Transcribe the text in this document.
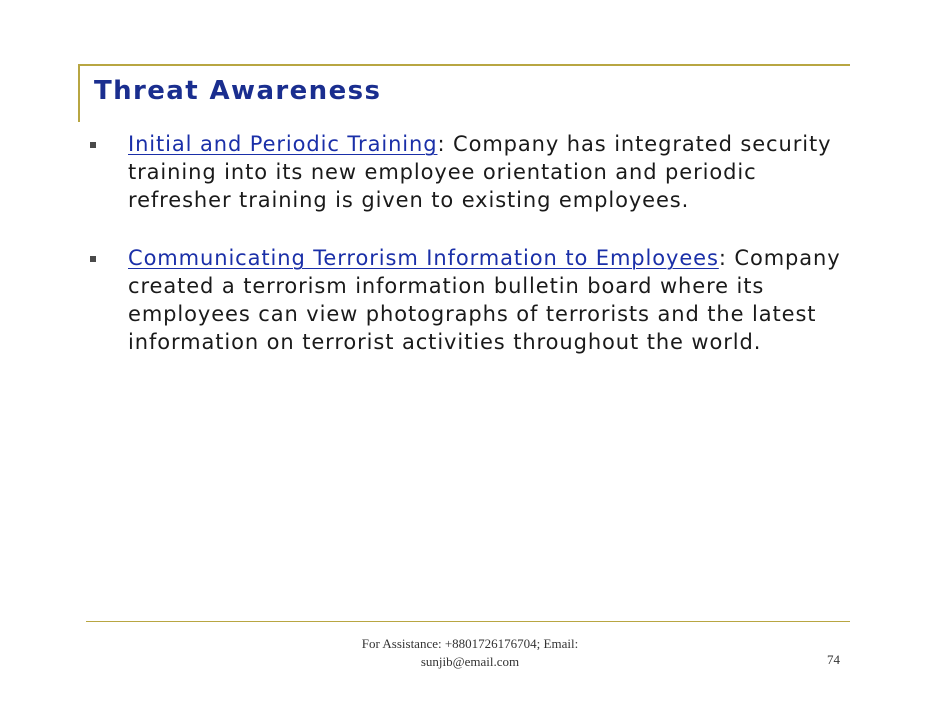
Threat Awareness
Initial and Periodic Training: Company has integrated security training into its new employee orientation and periodic refresher training is given to existing employees.
Communicating Terrorism Information to Employees: Company created a terrorism information bulletin board where its employees can view photographs of terrorists and the latest information on terrorist activities throughout the world.
For Assistance: +8801726176704; Email:
sunjib@email.com	74
